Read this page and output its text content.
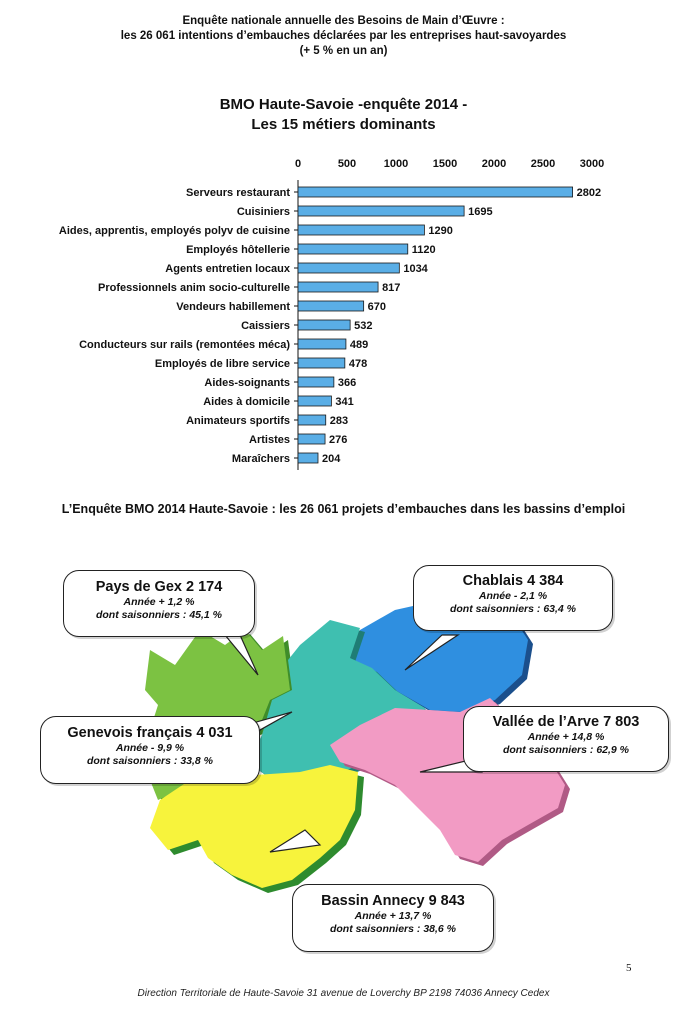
Enquête nationale annuelle des Besoins de Main d’Œuvre :
les 26 061 intentions d’embauches déclarées par les entreprises haut-savoyardes
(+ 5 % en un an)
BMO Haute-Savoie -enquête 2014 -
Les 15 métiers dominants
0	500	1000 1500 2000 2500 3000
Serveurs restaurant	2802
Cuisiniers	1695
Aides, apprentis, employés polyv de cuisine	1290
Employés hôtellerie	1120
Agents entretien locaux	1034
Professionnels anim socio-culturelle	817
Vendeurs habillement	670
Caissiers	532
Conducteurs sur rails (remontées méca)	489
Employés de libre service	478
Aides-soignants	366
Aides à domicile	341
Animateurs sportifs	283
Artistes	276
Maraîchers	204
L’Enquête BMO 2014 Haute-Savoie : les 26 061 projets d’embauches dans les bassins d’emploi
Pays de Gex 2 174
Année + 1,2 %
dont saisonniers : 45,1 %
Chablais 4 384
Année - 2,1 %
dont saisonniers : 63,4 %
Genevois français 4 031
Année - 9,9 %
dont saisonniers : 33,8 %
Vallée de l’Arve 7 803
Année + 14,8 %
dont saisonniers : 62,9 %
Bassin Annecy 9 843
Année + 13,7 %
dont saisonniers : 38,6 %
5
Direction Territoriale de Haute-Savoie 31 avenue de Loverchy BP 2198 74036 Annecy Cedex
